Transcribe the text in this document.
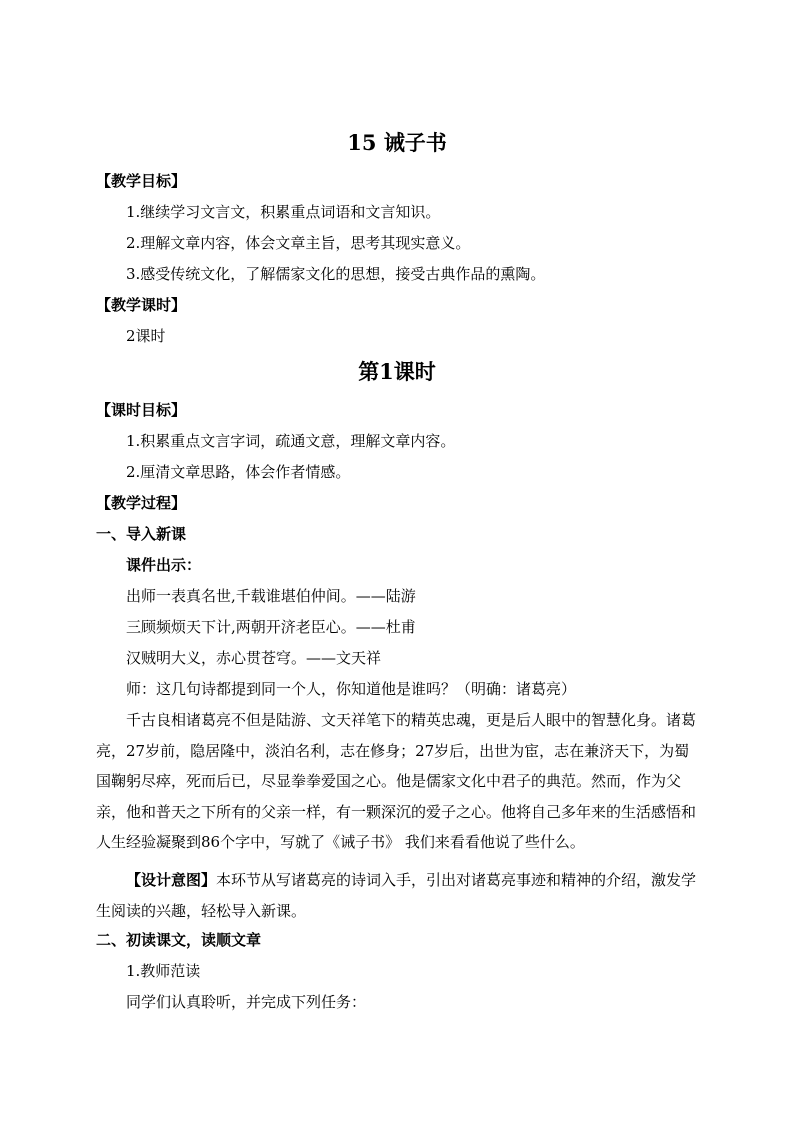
15 诫子书
【教学目标】
1.继续学习文言文，积累重点词语和文言知识。
2.理解文章内容，体会文章主旨，思考其现实意义。
3.感受传统文化，了解儒家文化的思想，接受古典作品的熏陶。
【教学课时】
2课时
第1课时
【课时目标】
1.积累重点文言字词，疏通文意，理解文章内容。
2.厘清文章思路，体会作者情感。
【教学过程】
一、导入新课
课件出示：
出师一表真名世,千载谁堪伯仲间。——陆游
三顾频烦天下计,两朝开济老臣心。——杜甫
汉贼明大义，赤心贯苍穹。——文天祥
师：这几句诗都提到同一个人，你知道他是谁吗？（明确：诸葛亮）
千古良相诸葛亮不但是陆游、文天祥笔下的精英忠魂，更是后人眼中的智慧化身。诸葛亮，27岁前，隐居隆中，淡泊名利，志在修身；27岁后，出世为宦，志在兼济天下，为蜀国鞠躬尽瘁，死而后已，尽显拳拳爱国之心。他是儒家文化中君子的典范。然而，作为父亲，他和普天之下所有的父亲一样，有一颗深沉的爱子之心。他将自己多年来的生活感悟和人生经验凝聚到86个字中，写就了《诫子书》 我们来看看他说了些什么。
【设计意图】本环节从写诸葛亮的诗词入手，引出对诸葛亮事迹和精神的介绍，激发学生阅读的兴趣，轻松导入新课。
二、初读课文，读顺文章
1.教师范读
同学们认真聆听，并完成下列任务：
